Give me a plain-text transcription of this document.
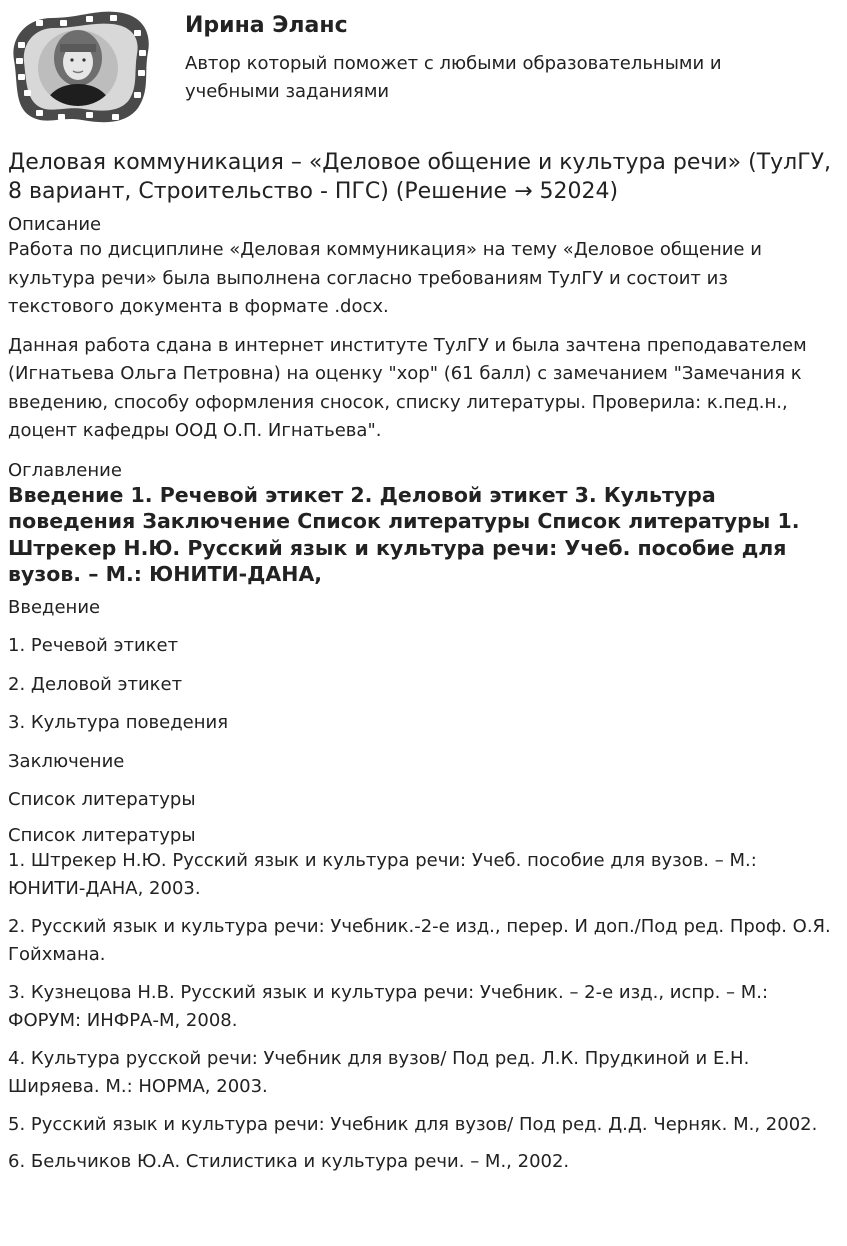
Ирина Эланс

Автор который поможет с любыми образовательными и учебными заданиями

Деловая коммуникация – «Деловое общение и культура речи» (ТулГУ, 8 вариант, Строительство - ПГС) (Решение → 52024)
Описание

Работа по дисциплине «Деловая коммуникация» на тему «Деловое общение и культура речи» была выполнена согласно требованиям ТулГУ и состоит из текстового документа в формате .docx.

Данная работа сдана в интернет институте ТулГУ и была зачтена преподавателем (Игнатьева Ольга Петровна) на оценку "хор" (61 балл) с замечанием "Замечания к введению, способу оформления сносок, списку литературы. Проверила: к.пед.н., доцент кафедры ООД О.П. Игнатьева".

Оглавление
Введение 1. Речевой этикет 2. Деловой этикет 3. Культура поведения Заключение Список литературы Список литературы 1. Штрекер Н.Ю. Русский язык и культура речи: Учеб. пособие для вузов. – М.: ЮНИТИ-ДАНА,
Введение
1. Речевой этикет
2. Деловой этикет
3. Культура поведения
Заключение
Список литературы
Список литературы
1. Штрекер Н.Ю. Русский язык и культура речи: Учеб. пособие для вузов. – М.: ЮНИТИ-ДАНА, 2003.
2. Русский язык и культура речи: Учебник.-2-е изд., перер. И доп./Под ред. Проф. О.Я. Гойхмана.
3. Кузнецова Н.В. Русский язык и культура речи: Учебник. – 2-е изд., испр. – М.: ФОРУМ: ИНФРА-М, 2008.
4. Культура русской речи: Учебник для вузов/ Под ред. Л.К. Прудкиной и Е.Н. Ширяева. М.: НОРМА, 2003.
5. Русский язык и культура речи: Учебник для вузов/ Под ред. Д.Д. Черняк. М., 2002.
6. Бельчиков Ю.А. Стилистика и культура речи. – М., 2002.
